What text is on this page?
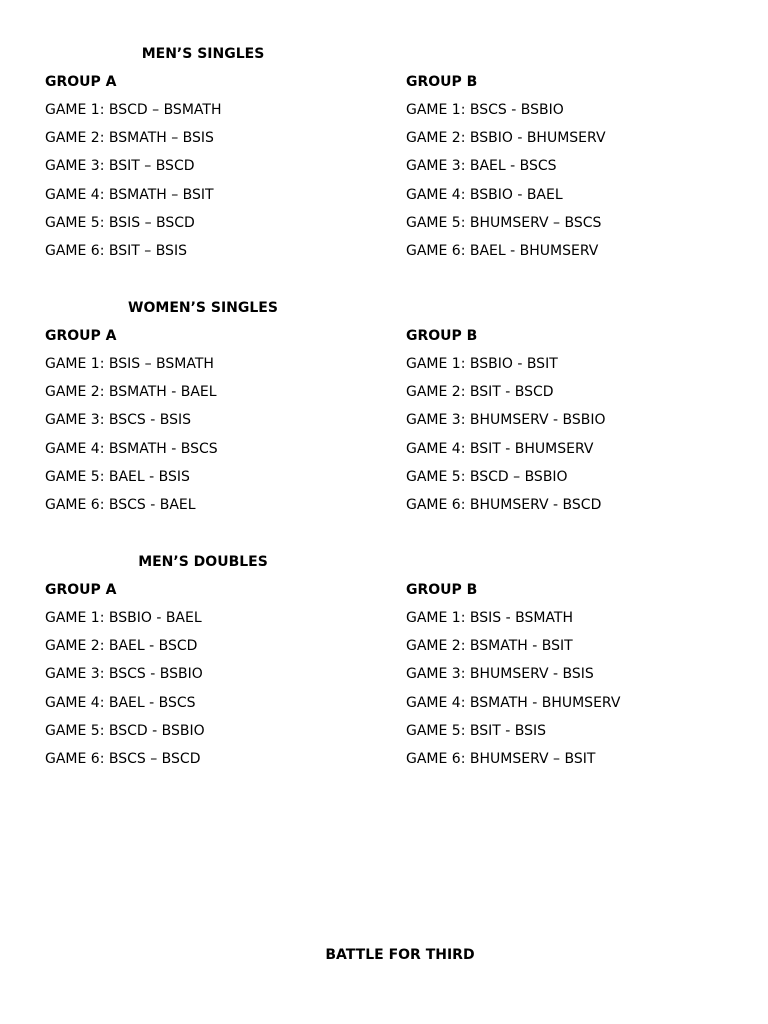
MEN’S SINGLES
GROUP A
GAME 1: BSCD – BSMATH
GAME 2: BSMATH – BSIS
GAME 3: BSIT – BSCD
GAME 4: BSMATH – BSIT
GAME 5: BSIS – BSCD
GAME 6: BSIT – BSIS
GROUP B
GAME 1: BSCS - BSBIO
GAME 2: BSBIO - BHUMSERV
GAME 3: BAEL - BSCS
GAME 4: BSBIO - BAEL
GAME 5: BHUMSERV – BSCS
GAME 6: BAEL - BHUMSERV
WOMEN’S SINGLES
GROUP A
GAME 1: BSIS – BSMATH
GAME 2: BSMATH - BAEL
GAME 3: BSCS - BSIS
GAME 4: BSMATH - BSCS
GAME 5: BAEL - BSIS
GAME 6: BSCS - BAEL
GROUP B
GAME 1: BSBIO - BSIT
GAME 2: BSIT - BSCD
GAME 3: BHUMSERV - BSBIO
GAME 4: BSIT - BHUMSERV
GAME 5: BSCD – BSBIO
GAME 6: BHUMSERV - BSCD
MEN’S DOUBLES
GROUP A
GAME 1: BSBIO - BAEL
GAME 2: BAEL - BSCD
GAME 3: BSCS - BSBIO
GAME 4: BAEL - BSCS
GAME 5: BSCD - BSBIO
GAME 6: BSCS – BSCD
GROUP B
GAME 1: BSIS - BSMATH
GAME 2: BSMATH - BSIT
GAME 3: BHUMSERV - BSIS
GAME 4: BSMATH - BHUMSERV
GAME 5: BSIT - BSIS
GAME 6: BHUMSERV – BSIT
BATTLE FOR THIRD
